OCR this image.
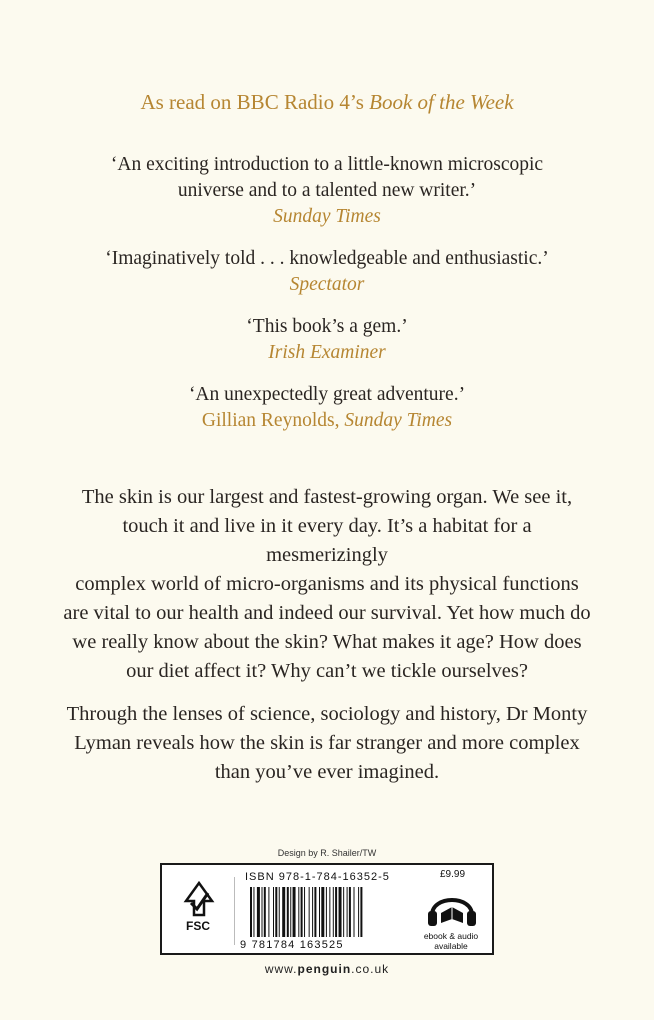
As read on BBC Radio 4’s Book of the Week
‘An exciting introduction to a little-known microscopic
universe and to a talented new writer.’
Sunday Times
‘Imaginatively told . . . knowledgeable and enthusiastic.’
Spectator
‘This book’s a gem.’
Irish Examiner
‘An unexpectedly great adventure.’
Gillian Reynolds, Sunday Times

The skin is our largest and fastest-growing organ. We see it,
touch it and live in it every day. It’s a habitat for a mesmerizingly
complex world of micro-organisms and its physical functions
are vital to our health and indeed our survival. Yet how much do
we really know about the skin? What makes it age? How does
our diet affect it? Why can’t we tickle ourselves?

Through the lenses of science, sociology and history, Dr Monty
Lyman reveals how the skin is far stranger and more complex
than you’ve ever imagined.

Design by R. Shailer/TW
FSC
ISBN 978-1-784-16352-5
9 781784 163525
£9.99
ebook & audio available
www.penguin.co.uk
